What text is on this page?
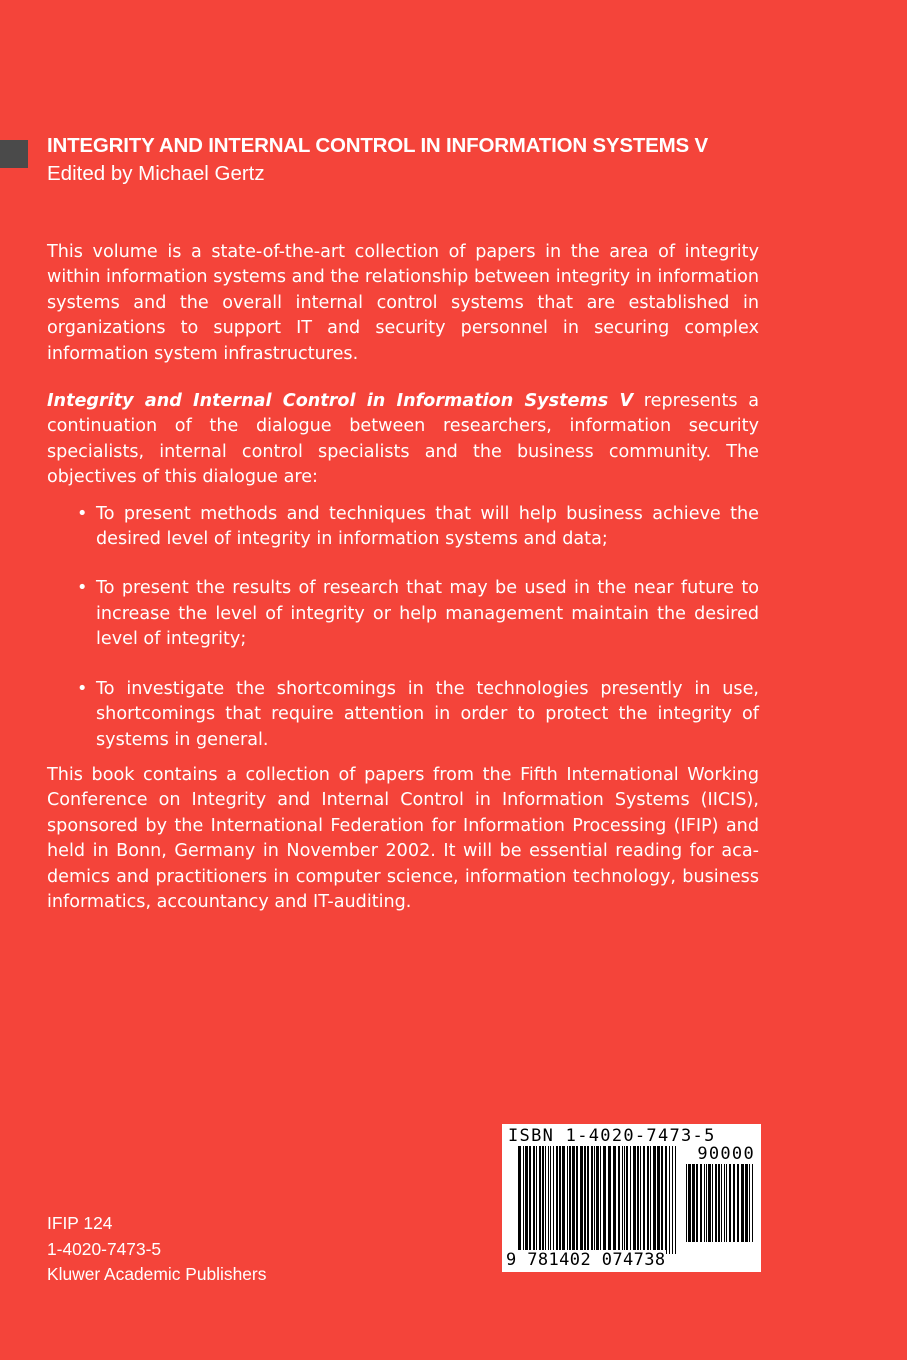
INTEGRITY AND INTERNAL CONTROL IN INFORMATION SYSTEMS V
Edited by Michael Gertz

This volume is a state-of-the-art collection of papers in the area of integrity within information systems and the relationship between integrity in information systems and the overall internal control systems that are established in organizations to support IT and security personnel in securing complex information system infrastructures.

Integrity and Internal Control in Information Systems V represents a continuation of the dialogue between researchers, information security specialists, internal control specialists and the business community. The objectives of this dialogue are:

• To present methods and techniques that will help business achieve the desired level of integrity in information systems and data;
• To present the results of research that may be used in the near future to increase the level of integrity or help management maintain the desired level of integrity;
• To investigate the shortcomings in the technologies presently in use, shortcomings that require attention in order to protect the integrity of systems in general.

This book contains a collection of papers from the Fifth International Working Conference on Integrity and Internal Control in Information Systems (IICIS), sponsored by the International Federation for Information Processing (IFIP) and held in Bonn, Germany in November 2002. It will be essential reading for academics and practitioners in computer science, information technology, business informatics, accountancy and IT-auditing.

IFIP 124
1-4020-7473-5
Kluwer Academic Publishers
ISBN 1-4020-7473-5
90000
9 781402 074738
